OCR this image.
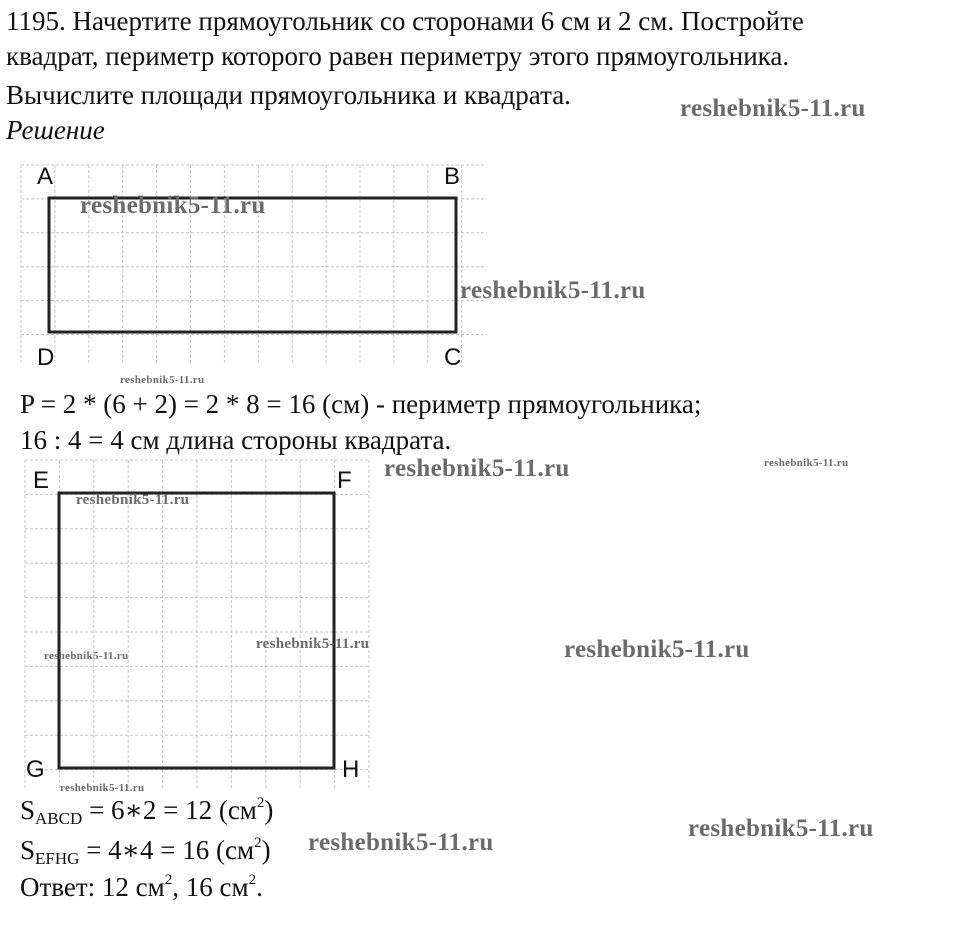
1195. Начертите прямоугольник со сторонами 6 см и 2 см. Постройте
квадрат, периметр которого равен периметру этого прямоугольника.
Вычислите площади прямоугольника и квадрата.
Решение
A	B
C
D
P = 2 * (6 + 2) = 2 * 8 = 16 (см) - периметр прямоугольника;
16 : 4 = 4 см длина стороны квадрата.
E	F
H
G
$S_{ABCD}$ = 6∗2 = 12 $(см^2)$
$S_{EFHG}$ = 4∗4 = 16 $(см^2)$
Ответ: 12 $см^2$, 16 $см^2$.
reshebnik5-11.ru
reshebnik5-11.ru
reshebnik5-11.ru
reshebnik5-11.ru
reshebnik5-11.ru	reshebnik5-11.ru
reshebnik5-11.ru
reshebnik5-11.ru	reshebnik5-11.ru
reshebnik5-11.ru
reshebnik5-11.ru
reshebnik5-11.ru
reshebnik5-11.ru
